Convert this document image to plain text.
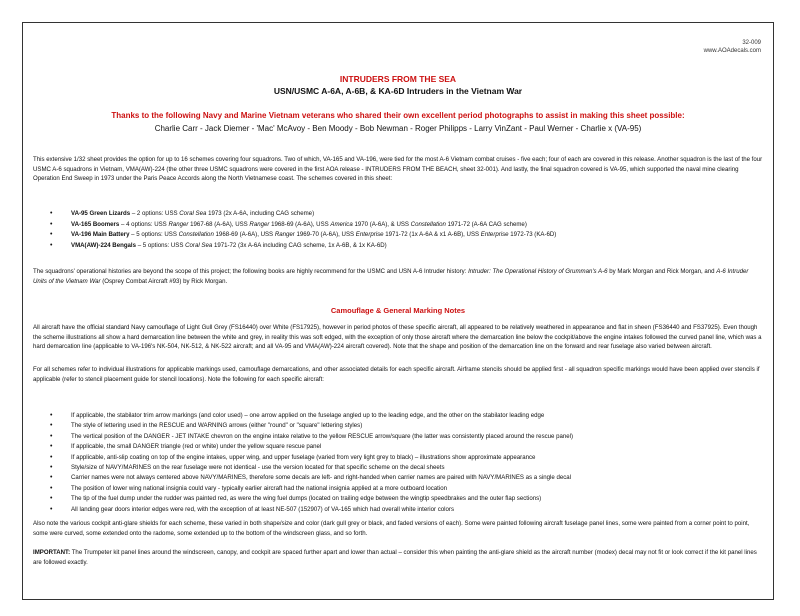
32-009
www.AOAdecals.com
INTRUDERS FROM THE SEA
USN/USMC A-6A, A-6B, & KA-6D Intruders in the Vietnam War
Thanks to the following Navy and Marine Vietnam veterans who shared their own excellent period photographs to assist in making this sheet possible:
Charlie Carr - Jack Diemer - 'Mac' McAvoy - Ben Moody - Bob Newman - Roger Philipps - Larry VinZant - Paul Werner - Charlie x (VA-95)

This extensive 1/32 sheet provides the option for up to 16 schemes covering four squadrons. Two of which, VA-165 and VA-196, were tied for the most A-6 Vietnam combat cruises - five each; four of each are covered in this release. Another squadron is the last of the four USMC A-6 squadrons in Vietnam, VMA(AW)-224 (the other three USMC squadrons were covered in the first AOA release - INTRUDERS FROM THE BEACH, sheet 32-001). And lastly, the final squadron covered is VA-95, which supported the naval mine clearing Operation End Sweep in 1973 under the Paris Peace Accords along the North Vietnamese coast. The schemes covered in this sheet:

• VA-95 Green Lizards – 2 options: USS Coral Sea 1973 (2x A-6A, including CAG scheme)
• VA-165 Boomers – 4 options: USS Ranger 1967-68 (A-6A), USS Ranger 1968-69 (A-6A), USS America 1970 (A-6A), & USS Constellation 1971-72 (A-6A CAG scheme)
• VA-196 Main Battery – 5 options: USS Constellation 1968-69 (A-6A), USS Ranger 1969-70 (A-6A), USS Enterprise 1971-72 (1x A-6A & x1 A-6B), USS Enterprise 1972-73 (KA-6D)
• VMA(AW)-224 Bengals – 5 options: USS Coral Sea 1971-72 (3x A-6A including CAG scheme, 1x A-6B, & 1x KA-6D)

The squadrons' operational histories are beyond the scope of this project; the following books are highly recommend for the USMC and USN A-6 Intruder history: Intruder: The Operational History of Grumman's A-6 by Mark Morgan and Rick Morgan, and A-6 Intruder Units of the Vietnam War (Osprey Combat Aircraft #93) by Rick Morgan.

Camouflage & General Marking Notes

All aircraft have the official standard Navy camouflage of Light Gull Grey (FS16440) over White (FS17925), however in period photos of these specific aircraft, all appeared to be relatively weathered in appearance and flat in sheen (FS36440 and FS37925). Even though the scheme illustrations all show a hard demarcation line between the white and grey, in reality this was soft edged, with the exception of only those aircraft where the demarcation line below the cockpit/above the engine intakes followed the curved panel line, which was a hard demarcation line (applicable to VA-196's NK-504, NK-512, & NK-522 aircraft; and all VA-95 and VMA(AW)-224 aircraft covered). Note that the shape and position of the demarcation line on the forward and rear fuselage also varied between aircraft.

For all schemes refer to individual illustrations for applicable markings used, camouflage demarcations, and other associated details for each specific aircraft. Airframe stencils should be applied first - all squadron specific markings would have been applied over stencils if applicable (refer to stencil placement guide for stencil locations). Note the following for each specific aircraft:

• If applicable, the stabilator trim arrow markings (and color used) – one arrow applied on the fuselage angled up to the leading edge, and the other on the stabilator leading edge
• The style of lettering used in the RESCUE and WARNING arrows (either "round" or "square" lettering styles)
• The vertical position of the DANGER - JET INTAKE chevron on the engine intake relative to the yellow RESCUE arrow/square (the latter was consistently placed around the rescue panel)
• If applicable, the small DANGER triangle (red or white) under the yellow square rescue panel
• If applicable, anti-slip coating on top of the engine intakes, upper wing, and upper fuselage (varied from very light grey to black) – illustrations show approximate appearance
• Style/size of NAVY/MARINES on the rear fuselage were not identical - use the version located for that specific scheme on the decal sheets
• Carrier names were not always centered above NAVY/MARINES, therefore some decals are left- and right-handed when carrier names are paired with NAVY/MARINES as a single decal
• The position of lower wing national insignia could vary - typically earlier aircraft had the national insignia applied at a more outboard location
• The tip of the fuel dump under the rudder was painted red, as were the wing fuel dumps (located on trailing edge between the wingtip speedbrakes and the outer flap sections)
• All landing gear doors interior edges were red, with the exception of at least NE-507 (152907) of VA-165 which had overall white interior colors

Also note the various cockpit anti-glare shields for each scheme, these varied in both shape/size and color (dark gull grey or black, and faded versions of each). Some were painted following aircraft fuselage panel lines, some were painted from a corner point to point, some were curved, some extended onto the radome, some extended up to the bottom of the windscreen glass, and so forth.

IMPORTANT: The Trumpeter kit panel lines around the windscreen, canopy, and cockpit are spaced further apart and lower than actual – consider this when painting the anti-glare shield as the aircraft number (modex) decal may not fit or look correct if the kit panel lines are followed exactly.
